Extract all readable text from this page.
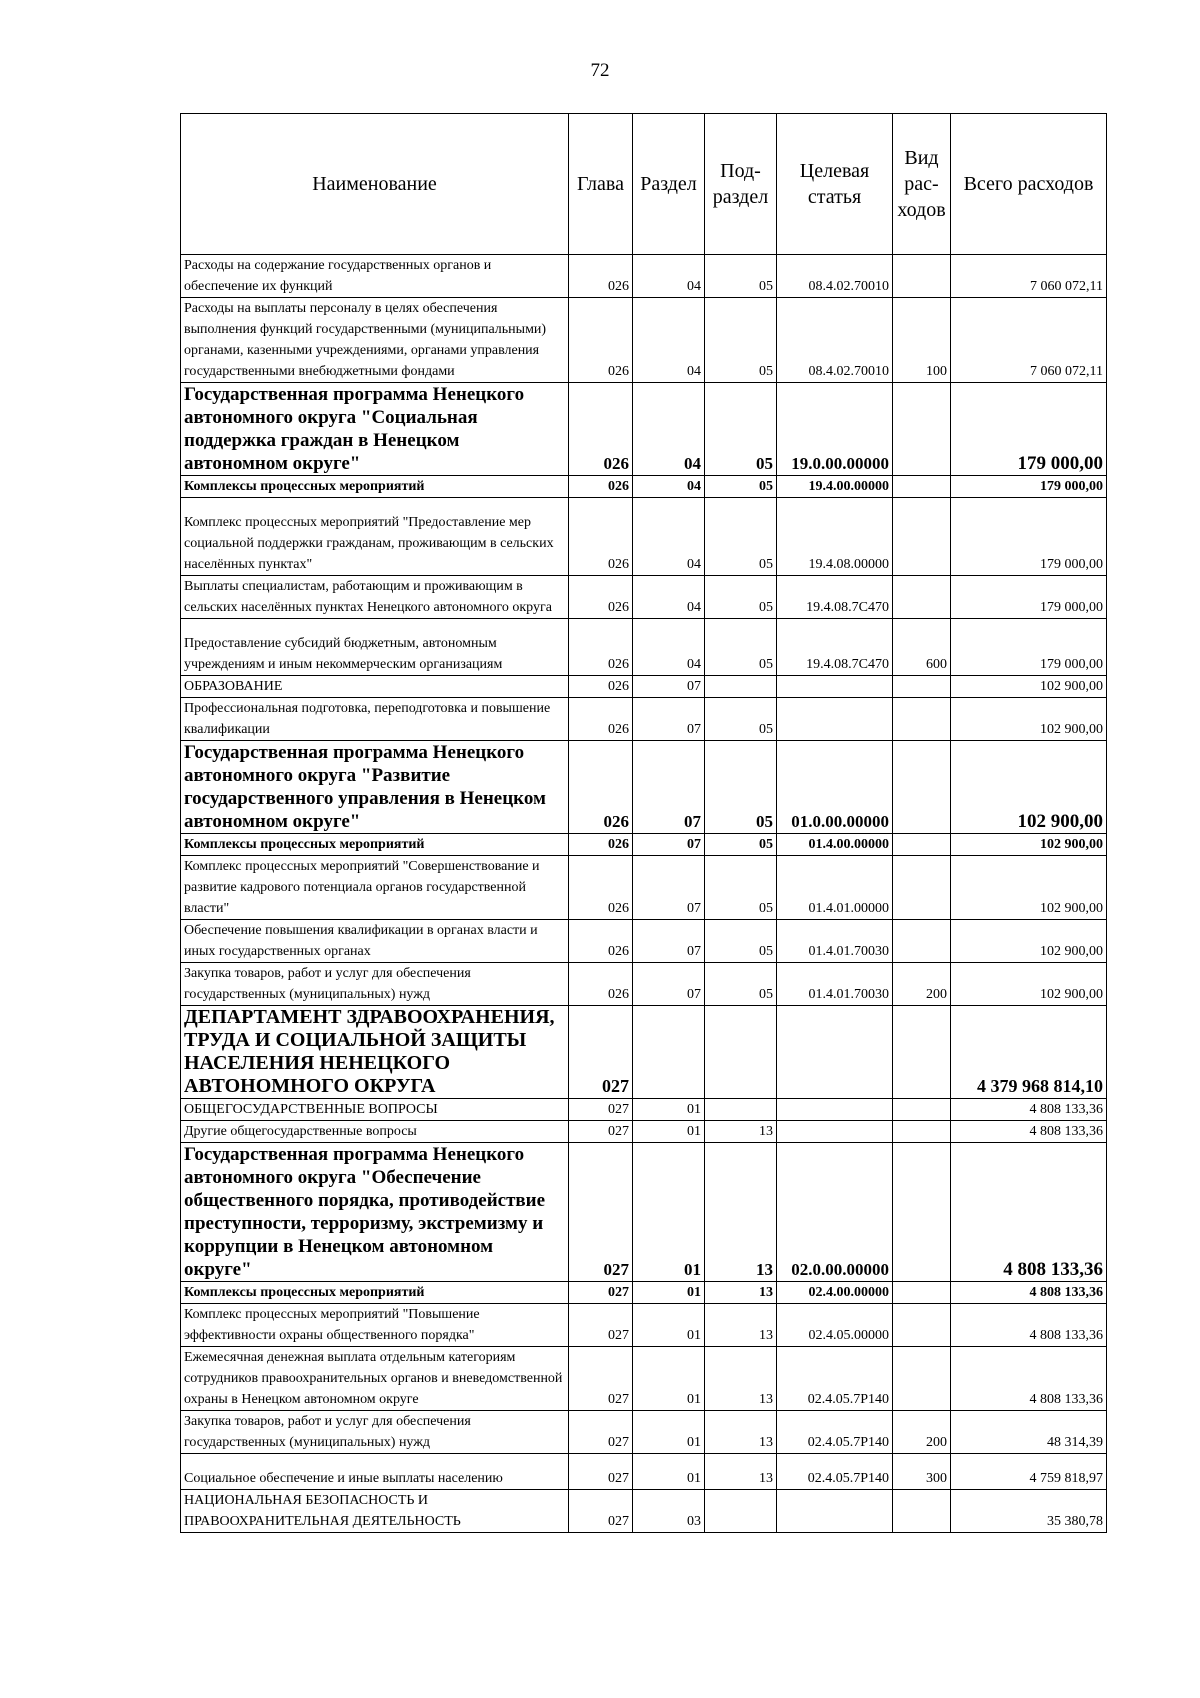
72
Наименование	Глава	Раздел	Под-раздел	Целевая статья	Вид рас-ходов	Всего расходов
Расходы на содержание государственных органов и обеспечение их функций	026	04	05	08.4.02.70010		7 060 072,11
Расходы на выплаты персоналу в целях обеспечения выполнения функций государственными (муниципальными) органами, казенными учреждениями, органами управления государственными внебюджетными фондами	026	04	05	08.4.02.70010	100	7 060 072,11
Государственная программа Ненецкого автономного округа "Социальная поддержка граждан в Ненецком автономном округе"	026	04	05	19.0.00.00000		179 000,00
Комплексы процессных мероприятий	026	04	05	19.4.00.00000		179 000,00
Комплекс процессных мероприятий "Предоставление мер социальной поддержки гражданам, проживающим в сельских населённых пунктах"	026	04	05	19.4.08.00000		179 000,00
Выплаты специалистам, работающим и проживающим в сельских населённых пунктах Ненецкого автономного округа	026	04	05	19.4.08.7С470		179 000,00
Предоставление субсидий бюджетным, автономным учреждениям и иным некоммерческим организациям	026	04	05	19.4.08.7С470	600	179 000,00
ОБРАЗОВАНИЕ	026	07				102 900,00
Профессиональная подготовка, переподготовка и повышение квалификации	026	07	05			102 900,00
Государственная программа Ненецкого автономного округа "Развитие государственного управления в Ненецком автономном округе"	026	07	05	01.0.00.00000		102 900,00
Комплексы процессных мероприятий	026	07	05	01.4.00.00000		102 900,00
Комплекс процессных мероприятий "Совершенствование и развитие кадрового потенциала органов государственной власти"	026	07	05	01.4.01.00000		102 900,00
Обеспечение повышения квалификации в органах власти и иных государственных органах	026	07	05	01.4.01.70030		102 900,00
Закупка товаров, работ и услуг для обеспечения государственных (муниципальных) нужд	026	07	05	01.4.01.70030	200	102 900,00
ДЕПАРТАМЕНТ ЗДРАВООХРАНЕНИЯ, ТРУДА И СОЦИАЛЬНОЙ ЗАЩИТЫ НАСЕЛЕНИЯ НЕНЕЦКОГО АВТОНОМНОГО ОКРУГА	027					4 379 968 814,10
ОБЩЕГОСУДАРСТВЕННЫЕ ВОПРОСЫ	027	01				4 808 133,36
Другие общегосударственные вопросы	027	01	13			4 808 133,36
Государственная программа Ненецкого автономного округа "Обеспечение общественного порядка, противодействие преступности, терроризму, экстремизму и коррупции в Ненецком автономном округе"	027	01	13	02.0.00.00000		4 808 133,36
Комплексы процессных мероприятий	027	01	13	02.4.00.00000		4 808 133,36
Комплекс процессных мероприятий "Повышение эффективности охраны общественного порядка"	027	01	13	02.4.05.00000		4 808 133,36
Ежемесячная денежная выплата отдельным категориям сотрудников правоохранительных органов и вневедомственной охраны в Ненецком автономном округе	027	01	13	02.4.05.7Р140		4 808 133,36
Закупка товаров, работ и услуг для обеспечения государственных (муниципальных) нужд	027	01	13	02.4.05.7Р140	200	48 314,39
Социальное обеспечение и иные выплаты населению	027	01	13	02.4.05.7Р140	300	4 759 818,97
НАЦИОНАЛЬНАЯ БЕЗОПАСНОСТЬ И ПРАВООХРАНИТЕЛЬНАЯ ДЕЯТЕЛЬНОСТЬ	027	03				35 380,78
